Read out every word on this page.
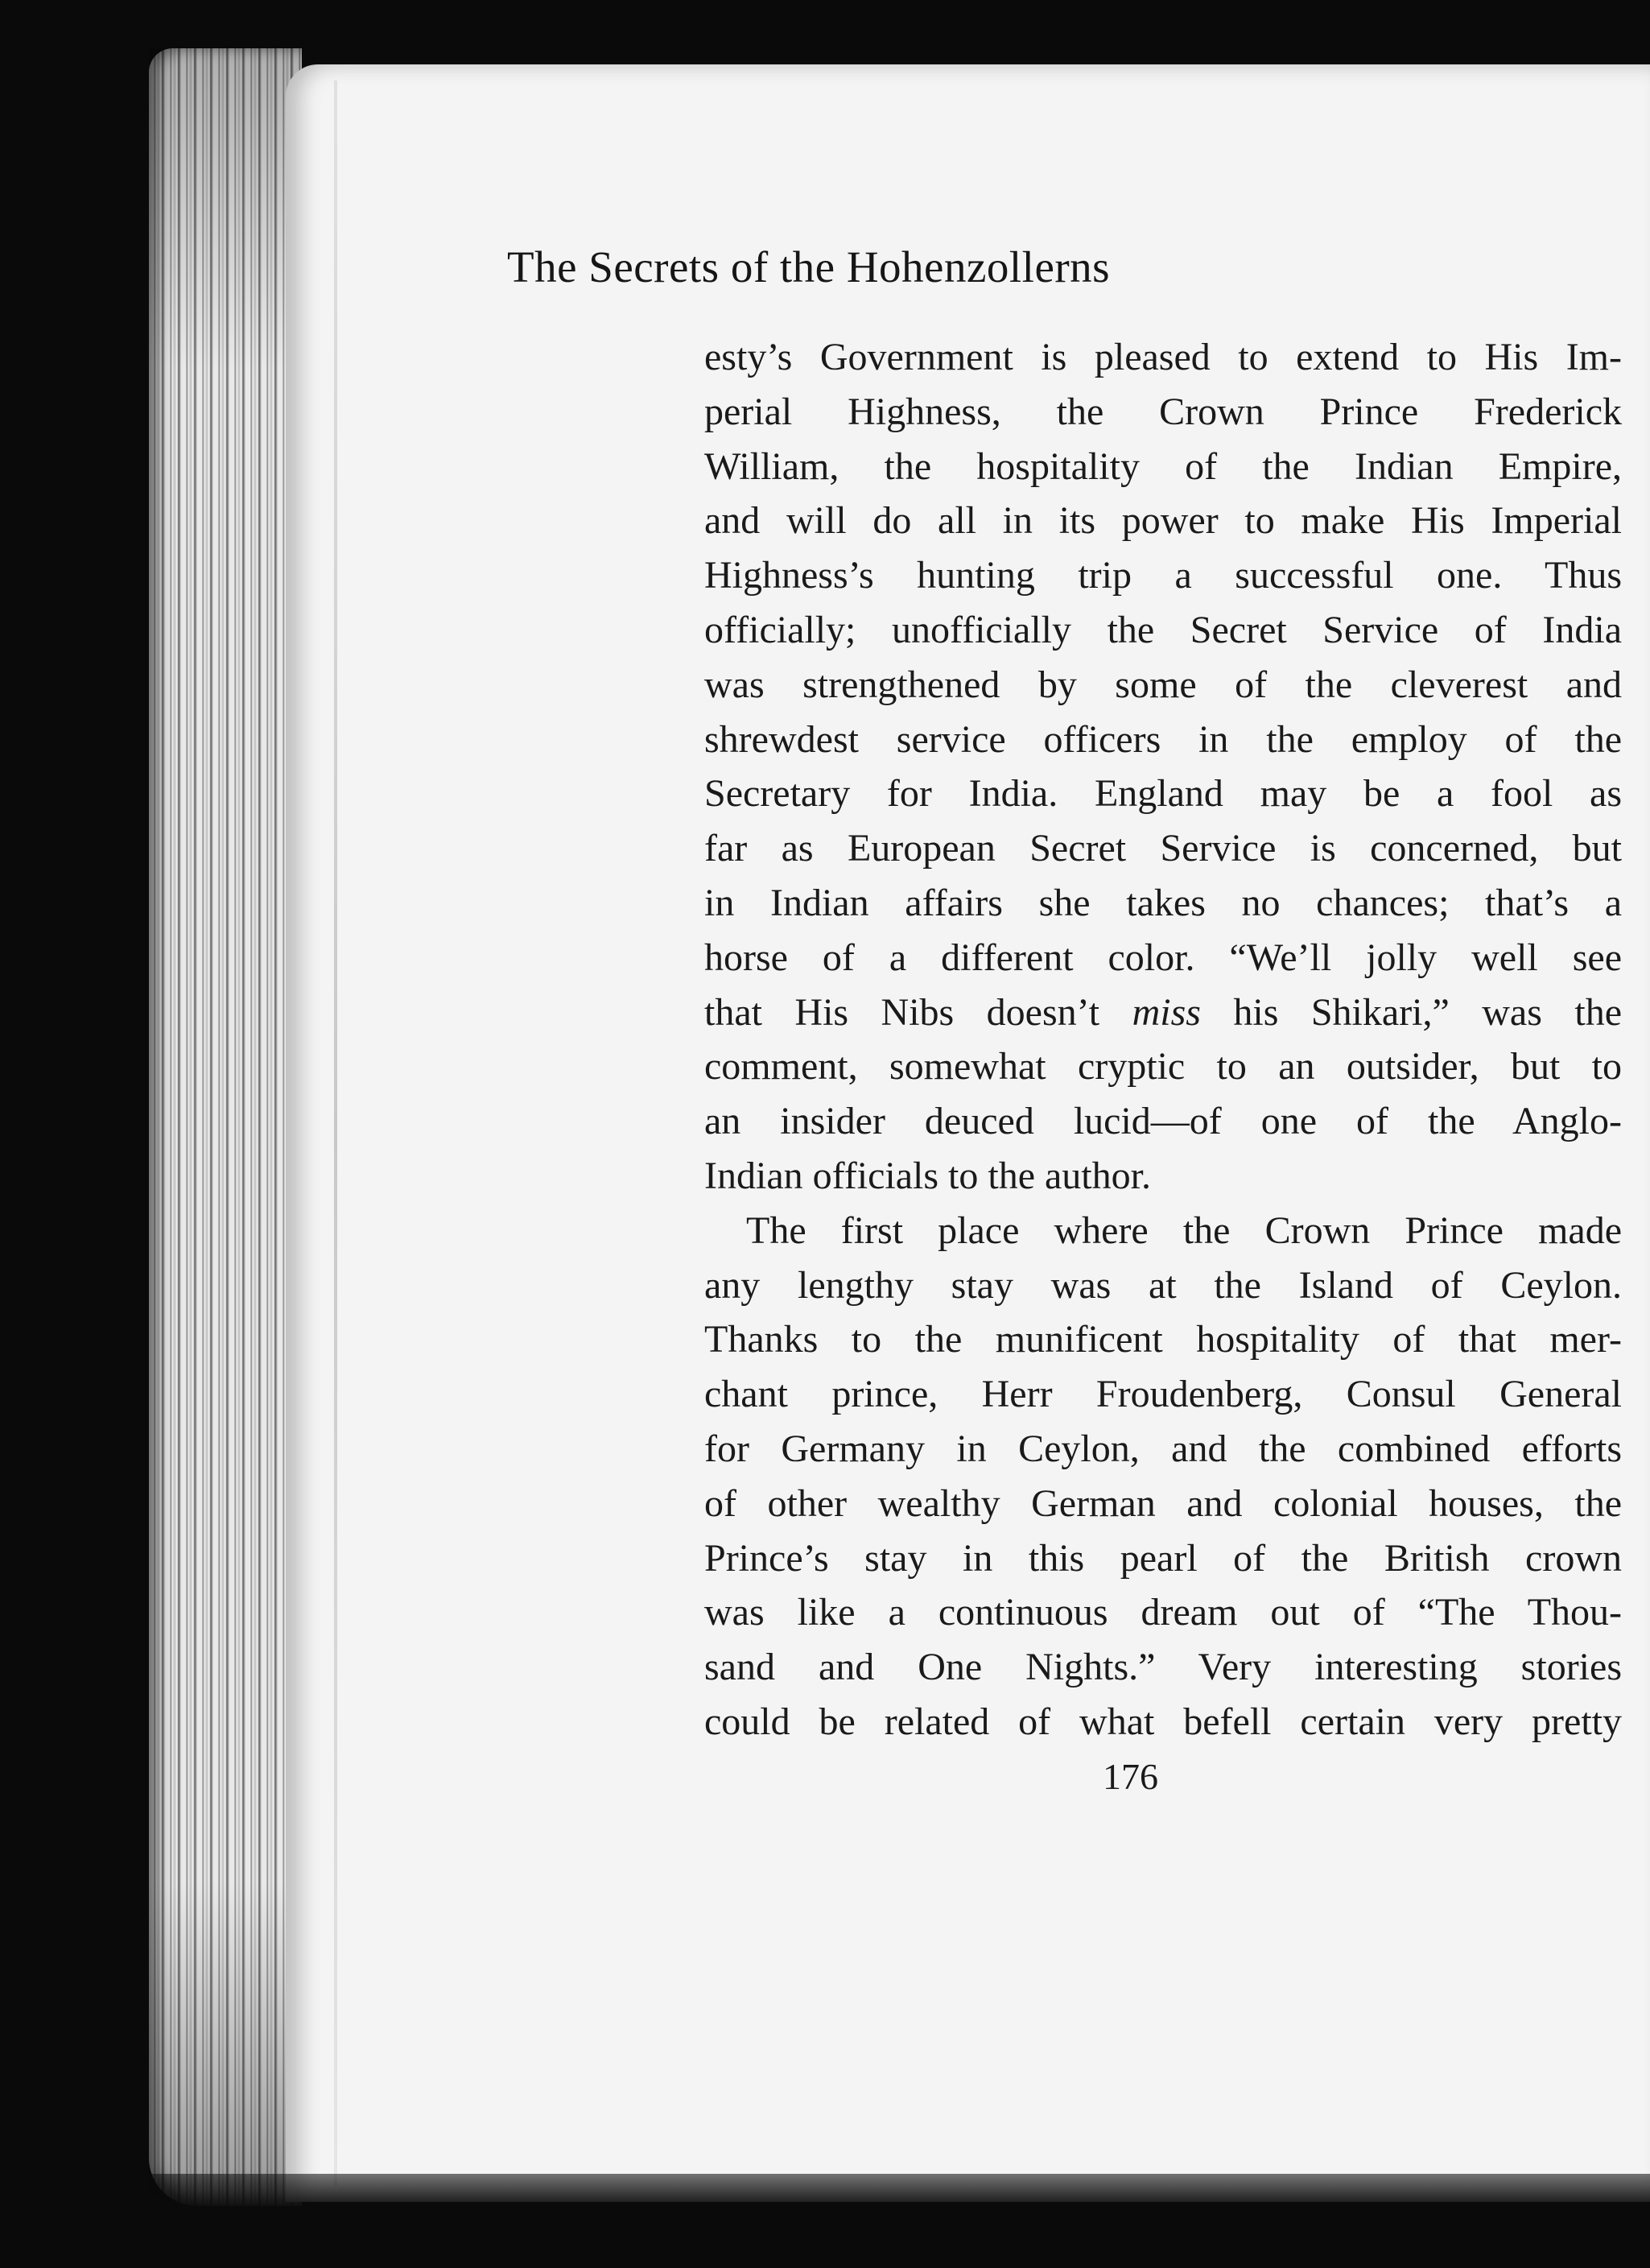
The Secrets of the Hohenzollerns
esty’s Government is pleased to extend to His Im-
perial Highness, the Crown Prince Frederick
William, the hospitality of the Indian Empire,
and will do all in its power to make His Imperial
Highness’s hunting trip a successful one. Thus
officially; unofficially the Secret Service of India
was strengthened by some of the cleverest and
shrewdest service officers in the employ of the
Secretary for India. England may be a fool as
far as European Secret Service is concerned, but
in Indian affairs she takes no chances; that’s a
horse of a different color. “We’ll jolly well see
that His Nibs doesn’t miss his Shikari,” was the
comment, somewhat cryptic to an outsider, but to
an insider deuced lucid—of one of the Anglo-
Indian officials to the author.
The first place where the Crown Prince made
any lengthy stay was at the Island of Ceylon.
Thanks to the munificent hospitality of that mer-
chant prince, Herr Froudenberg, Consul General
for Germany in Ceylon, and the combined efforts
of other wealthy German and colonial houses, the
Prince’s stay in this pearl of the British crown
was like a continuous dream out of “The Thou-
sand and One Nights.” Very interesting stories
could be related of what befell certain very pretty
176
